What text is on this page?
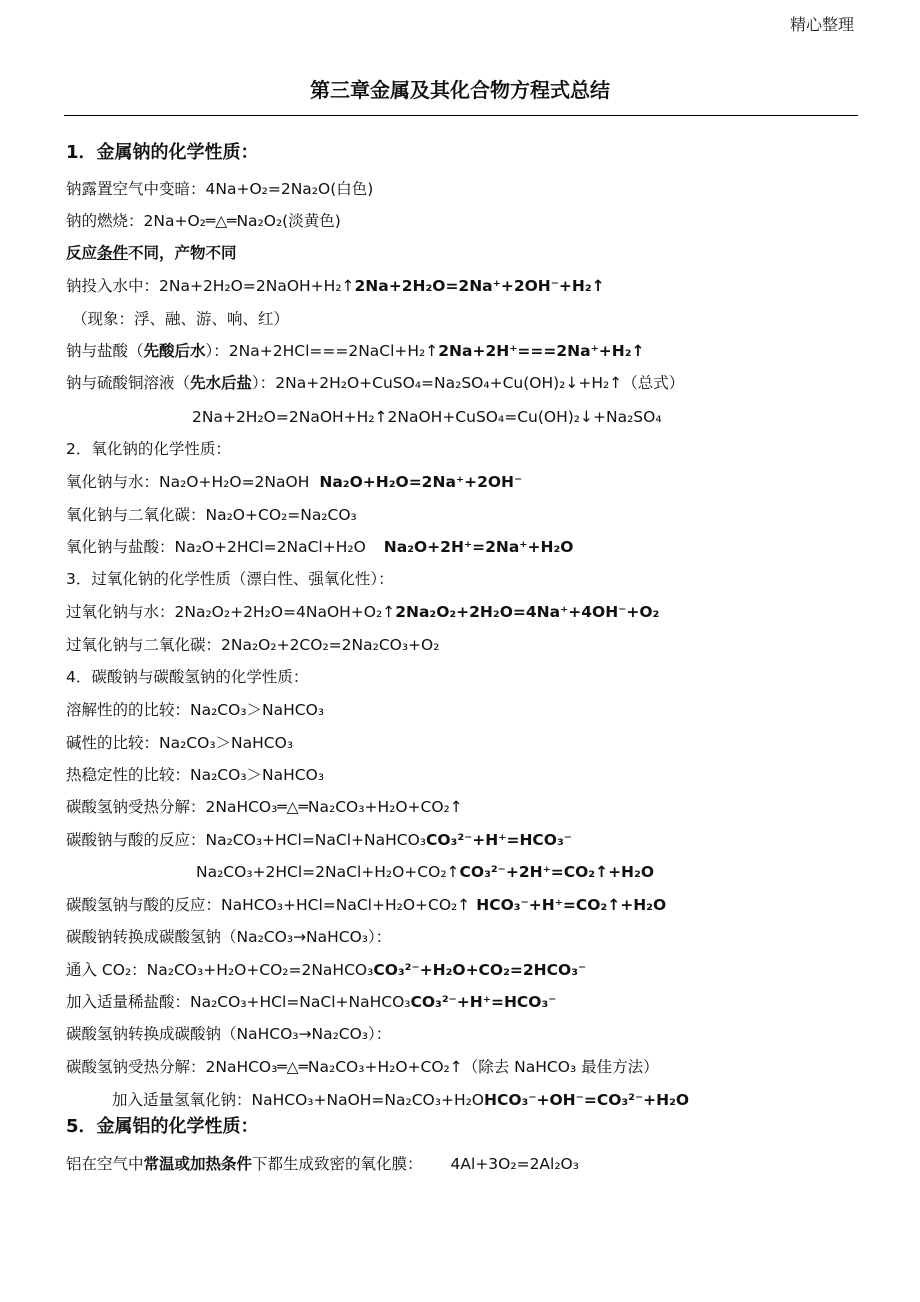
精心整理
第三章金属及其化合物方程式总结
1．金属钠的化学性质：
钠露置空气中变暗：4Na+O₂=2Na₂O(白色)
钠的燃烧：2Na+O₂═△═Na₂O₂(淡黄色)
反应条件不同，产物不同
钠投入水中：2Na+2H₂O=2NaOH+H₂↑2Na+2H₂O=2Na⁺+2OH⁻+H₂↑
（现象：浮、融、游、响、红）
钠与盐酸（先酸后水）：2Na+2HCl===2NaCl+H₂↑2Na+2H⁺===2Na⁺+H₂↑
钠与硫酸铜溶液（先水后盐）：2Na+2H₂O+CuSO₄=Na₂SO₄+Cu(OH)₂↓+H₂↑（总式）
2Na+2H₂O=2NaOH+H₂↑2NaOH+CuSO₄=Cu(OH)₂↓+Na₂SO₄
2．氧化钠的化学性质：
氧化钠与水：Na₂O+H₂O=2NaOH Na₂O+H₂O=2Na⁺+2OH⁻
氧化钠与二氧化碳：Na₂O+CO₂=Na₂CO₃
氧化钠与盐酸：Na₂O+2HCl=2NaCl+H₂O Na₂O+2H⁺=2Na⁺+H₂O
3．过氧化钠的化学性质（漂白性、强氧化性）：
过氧化钠与水：2Na₂O₂+2H₂O=4NaOH+O₂↑2Na₂O₂+2H₂O=4Na⁺+4OH⁻+O₂
过氧化钠与二氧化碳：2Na₂O₂+2CO₂=2Na₂CO₃+O₂
4．碳酸钠与碳酸氢钠的化学性质：
溶解性的的比较：Na₂CO₃＞NaHCO₃
碱性的比较：Na₂CO₃＞NaHCO₃
热稳定性的比较：Na₂CO₃＞NaHCO₃
碳酸氢钠受热分解：2NaHCO₃═△═Na₂CO₃+H₂O+CO₂↑
碳酸钠与酸的反应：Na₂CO₃+HCl=NaCl+NaHCO₃CO₃²⁻+H⁺=HCO₃⁻
Na₂CO₃+2HCl=2NaCl+H₂O+CO₂↑CO₃²⁻+2H⁺=CO₂↑+H₂O
碳酸氢钠与酸的反应：NaHCO₃+HCl=NaCl+H₂O+CO₂↑ HCO₃⁻+H⁺=CO₂↑+H₂O
碳酸钠转换成碳酸氢钠（Na₂CO₃→NaHCO₃）：
通入 CO₂：Na₂CO₃+H₂O+CO₂=2NaHCO₃CO₃²⁻+H₂O+CO₂=2HCO₃⁻
加入适量稀盐酸：Na₂CO₃+HCl=NaCl+NaHCO₃CO₃²⁻+H⁺=HCO₃⁻
碳酸氢钠转换成碳酸钠（NaHCO₃→Na₂CO₃）：
碳酸氢钠受热分解：2NaHCO₃═△═Na₂CO₃+H₂O+CO₂↑（除去 NaHCO₃ 最佳方法）
加入适量氢氧化钠：NaHCO₃+NaOH=Na₂CO₃+H₂OHCO₃⁻+OH⁻=CO₃²⁻+H₂O
5．金属铝的化学性质：
铝在空气中常温或加热条件下都生成致密的氧化膜： 4Al+3O₂=2Al₂O₃
